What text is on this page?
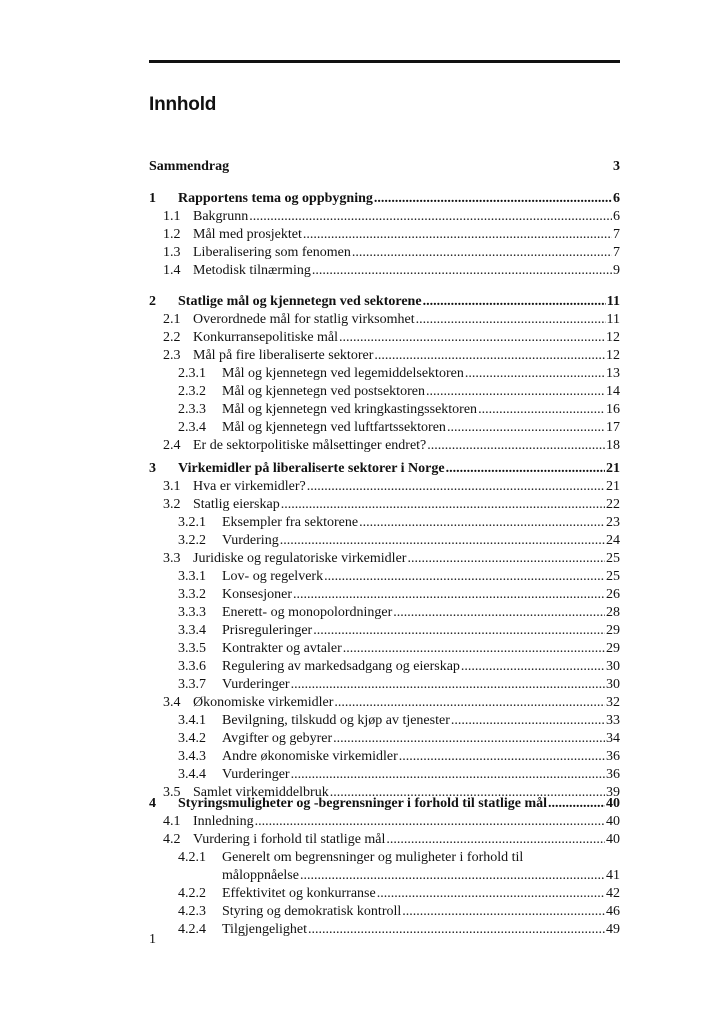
Innhold
Sammendrag	3
1	Rapportens tema og oppbygning .....	6
1.1 Bakgrunn .....	6
1.2 Mål med prosjektet .....	7
1.3 Liberalisering som fenomen .....	7
1.4 Metodisk tilnærming .....	9
2	Statlige mål og kjennetegn ved sektorene .....	11
2.1 Overordnede mål for statlig virksomhet .....	11
2.2 Konkurransepolitiske mål .....	12
2.3 Mål på fire liberaliserte sektorer .....	12
2.3.1	Mål og kjennetegn ved legemiddelsektoren .....	13
2.3.2	Mål og kjennetegn ved postsektoren .....	14
2.3.3	Mål og kjennetegn ved kringkastingssektoren .....	16
2.3.4	Mål og kjennetegn ved luftfartssektoren .....	17
2.4 Er de sektorpolitiske målsettinger endret? .....	18
3	Virkemidler på liberaliserte sektorer i Norge .....	21
3.1 Hva er virkemidler? .....	21
3.2 Statlig eierskap .....	22
3.2.1	Eksempler fra sektorene .....	23
3.2.2	Vurdering .....	24
3.3 Juridiske og regulatoriske virkemidler .....	25
3.3.1	Lov- og regelverk .....	25
3.3.2	Konsesjoner .....	26
3.3.3	Enerett- og monopolordninger .....	28
3.3.4	Prisreguleringer .....	29
3.3.5	Kontrakter og avtaler .....	29
3.3.6	Regulering av markedsadgang og eierskap .....	30
3.3.7	Vurderinger .....	30
3.4 Økonomiske virkemidler .....	32
3.4.1	Bevilgning, tilskudd og kjøp av tjenester .....	33
3.4.2	Avgifter og gebyrer .....	34
3.4.3	Andre økonomiske virkemidler .....	36
3.4.4	Vurderinger .....	36
3.5 Samlet virkemiddelbruk .....	39
4	Styringsmuligheter og -begrensninger i forhold til statlige mål .....	40
4.1 Innledning .....	40
4.2 Vurdering i forhold til statlige mål .....	40
4.2.1	Generelt om begrensninger og muligheter i forhold til
måloppnåelse .....	41
4.2.2	Effektivitet og konkurranse .....	42
4.2.3	Styring og demokratisk kontroll .....	46
4.2.4	Tilgjengelighet .....	49
1
